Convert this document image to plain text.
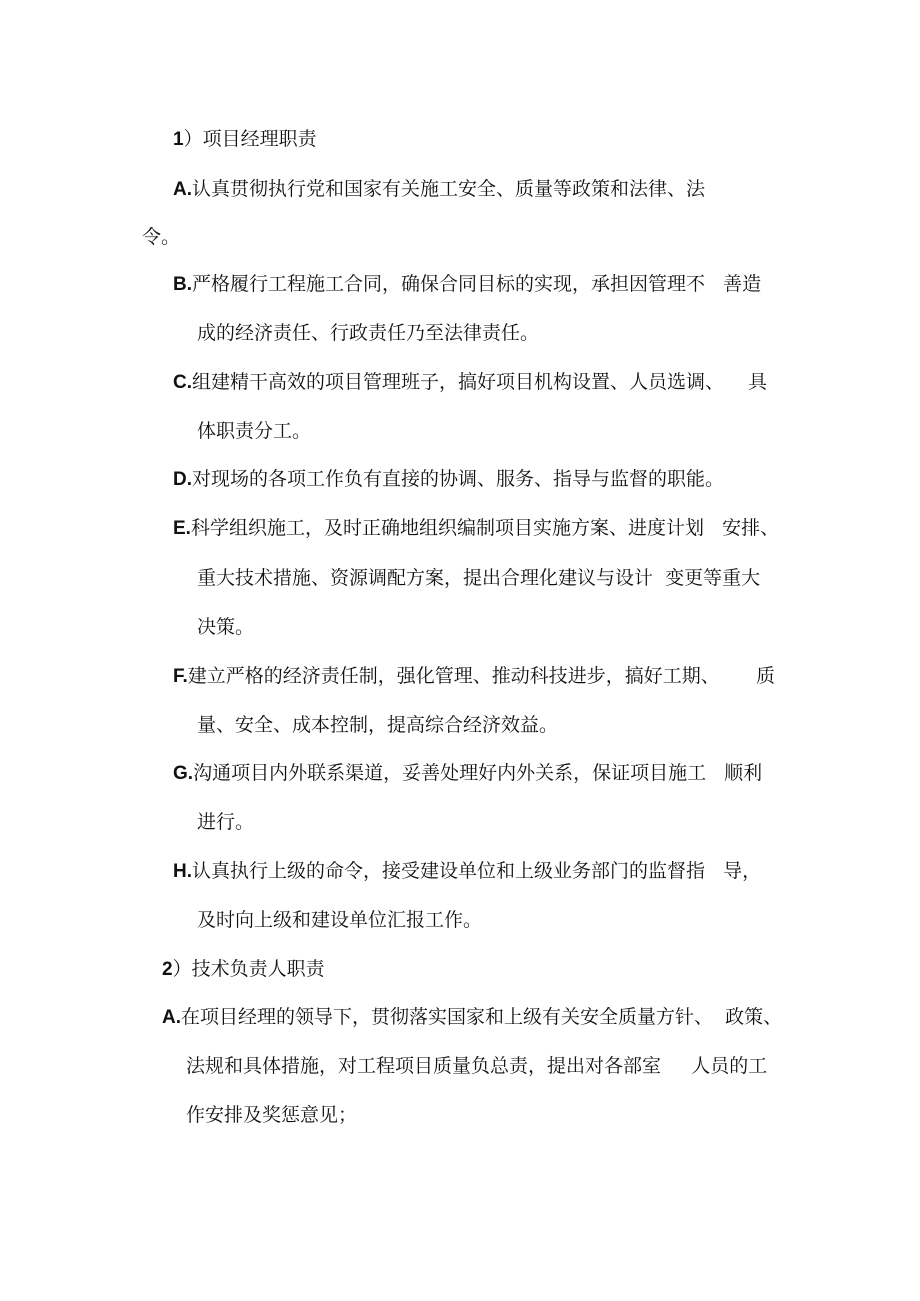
1）项目经理职责
A.认真贯彻执行党和国家有关施工安全、质量等政策和法律、法
令。
B.严格履行工程施工合同，确保合同目标的实现，承担因管理不   善造
成的经济责任、行政责任乃至法律责任。
C.组建精干高效的项目管理班子，搞好项目机构设置、人员选调、    具
体职责分工。
D.对现场的各项工作负有直接的协调、服务、指导与监督的职能。
E.科学组织施工，及时正确地组织编制项目实施方案、进度计划   安排、
重大技术措施、资源调配方案，提出合理化建议与设计  变更等重大
决策。
F.建立严格的经济责任制，强化管理、推动科技进步，搞好工期、      质
量、安全、成本控制，提高综合经济效益。
G.沟通项目内外联系渠道，妥善处理好内外关系，保证项目施工   顺利
进行。
H.认真执行上级的命令，接受建设单位和上级业务部门的监督指   导，
及时向上级和建设单位汇报工作。
2）技术负责人职责
A.在项目经理的领导下，贯彻落实国家和上级有关安全质量方针、  政策、
法规和具体措施，对工程项目质量负总责，提出对各部室     人员的工
作安排及奖惩意见；
